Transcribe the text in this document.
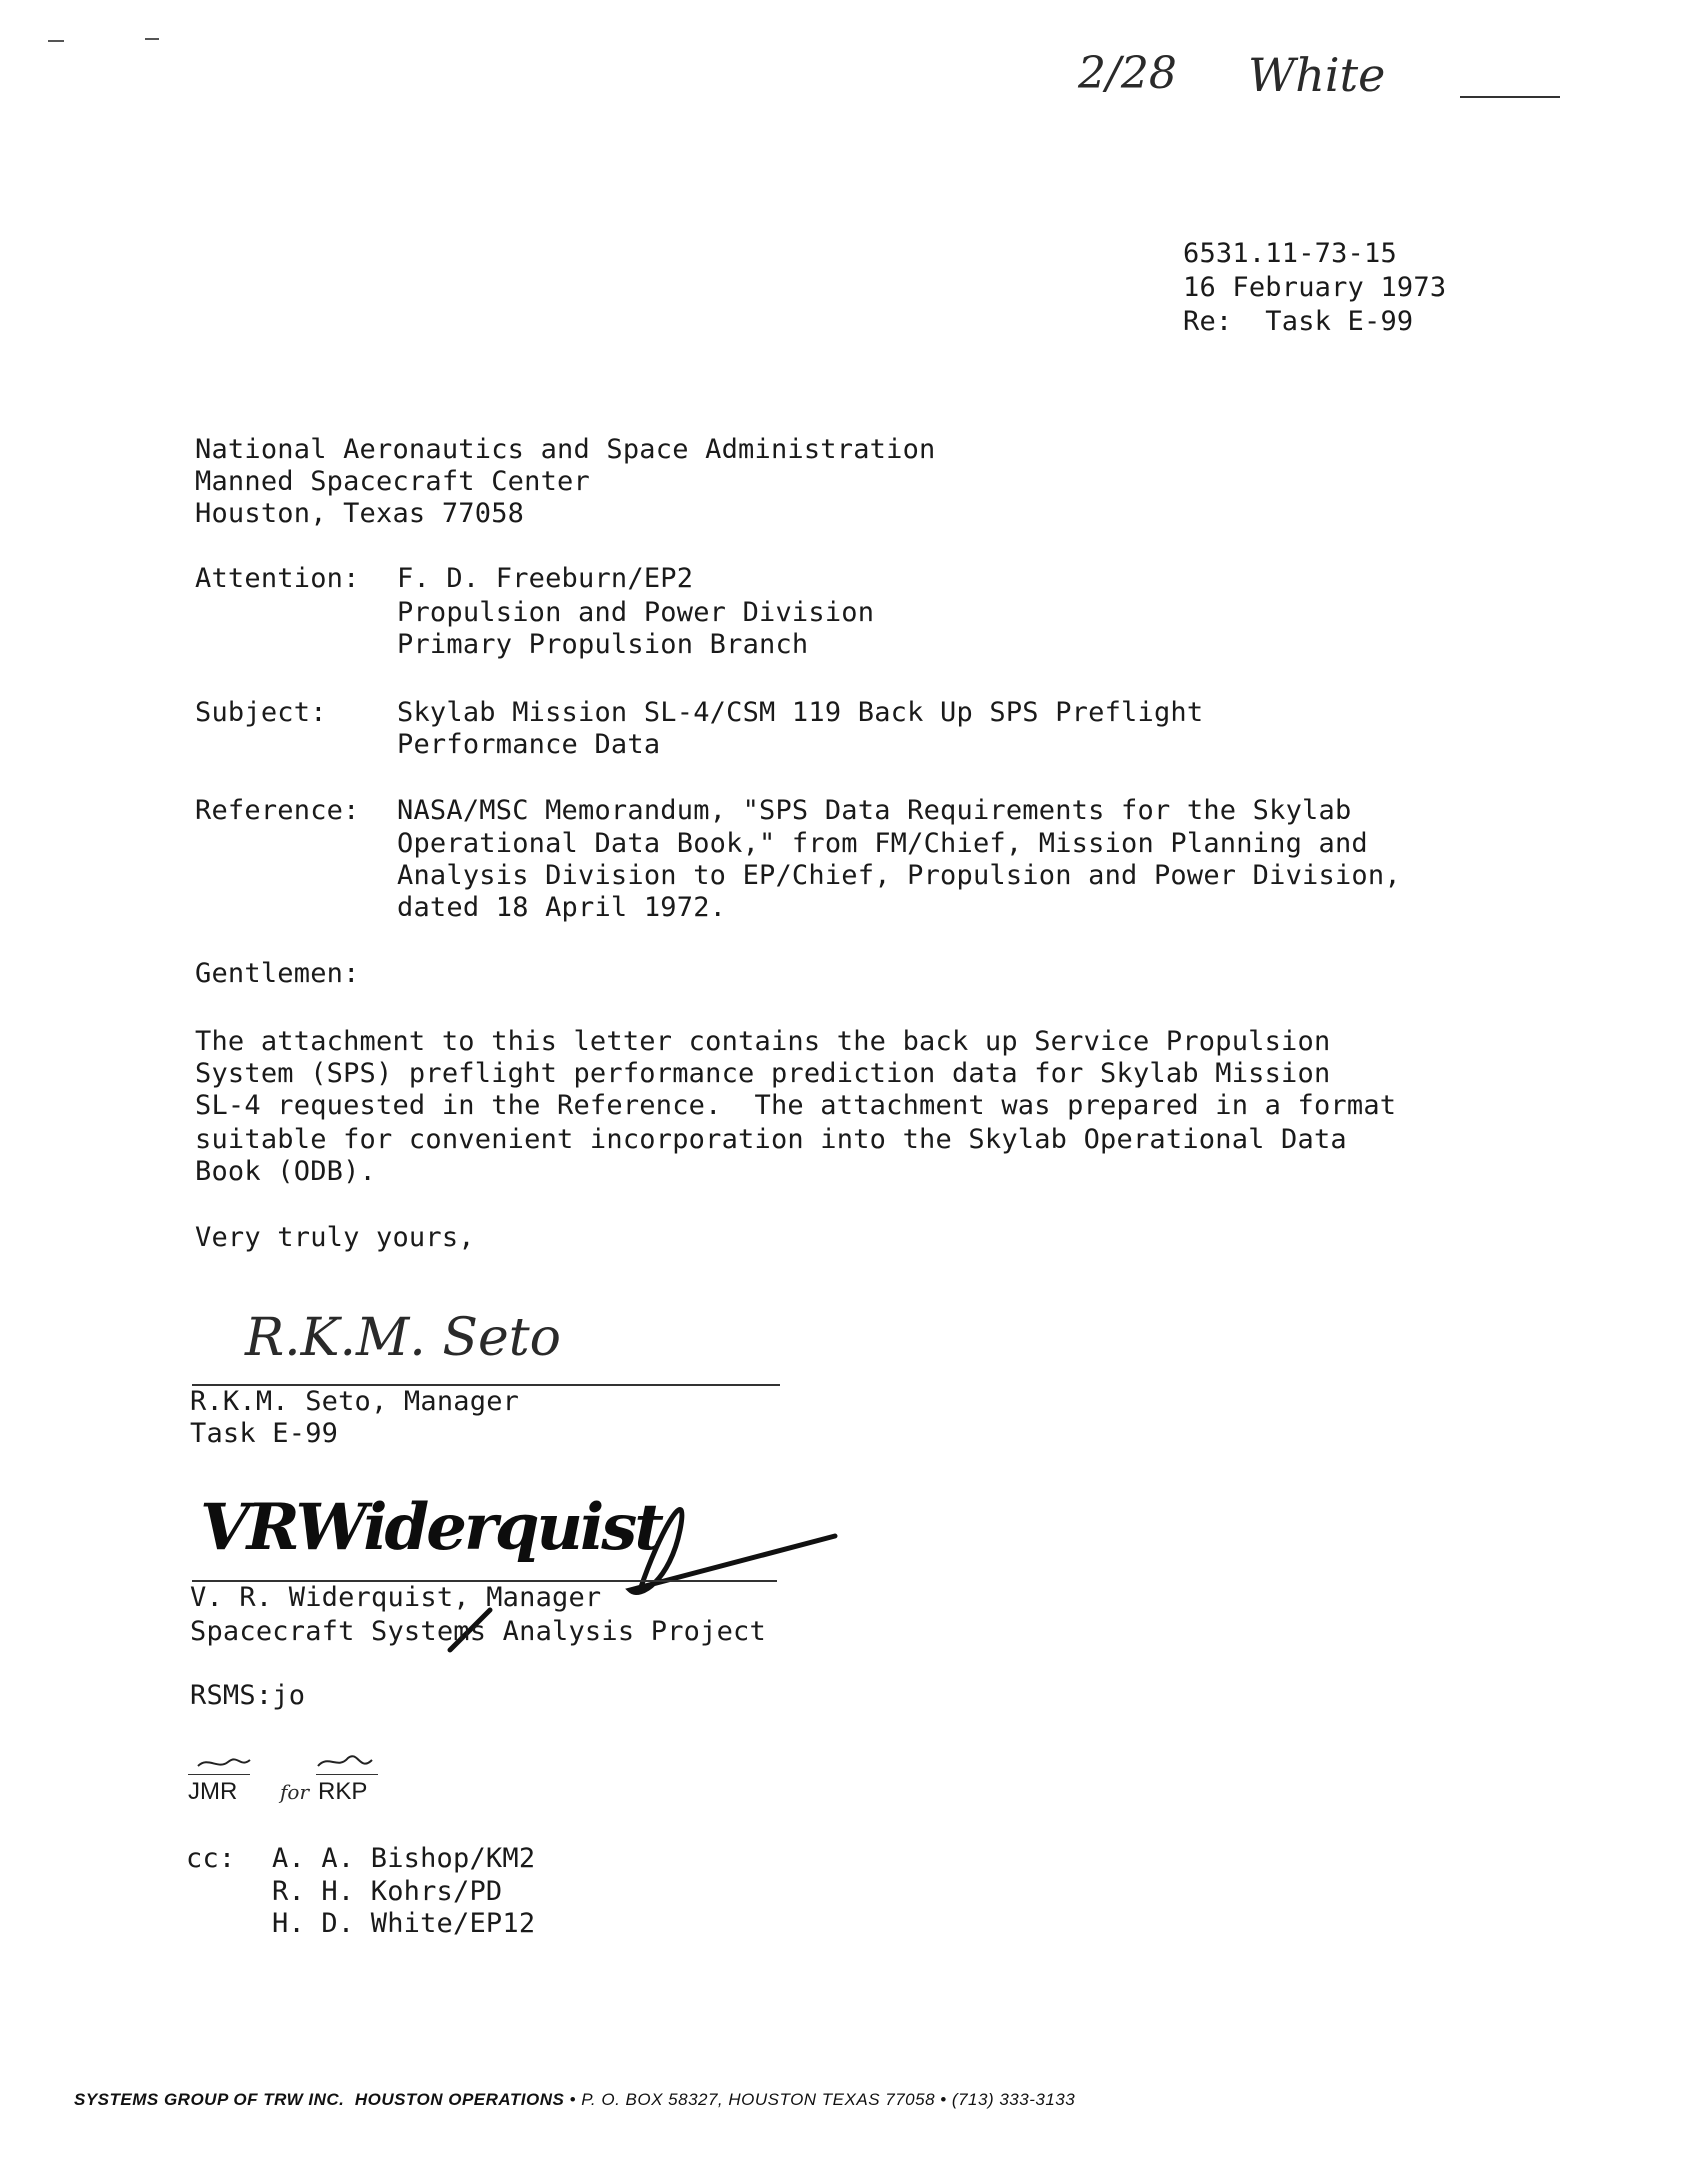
2/28 White
6531.11-73-15
16 February 1973
Re:  Task E-99
National Aeronautics and Space Administration
Manned Spacecraft Center
Houston, Texas 77058
Attention: F. D. Freeburn/EP2
Propulsion and Power Division
Primary Propulsion Branch
Subject:	Skylab Mission SL-4/CSM 119 Back Up SPS Preflight
Performance Data
Reference: NASA/MSC Memorandum, "SPS Data Requirements for the Skylab
Operational Data Book," from FM/Chief, Mission Planning and
Analysis Division to EP/Chief, Propulsion and Power Division,
dated 18 April 1972.
Gentlemen:
The attachment to this letter contains the back up Service Propulsion
System (SPS) preflight performance prediction data for Skylab Mission
SL-4 requested in the Reference.  The attachment was prepared in a format
suitable for convenient incorporation into the Skylab Operational Data
Book (ODB).
Very truly yours,
R.K.M. Seto
R.K.M. Seto, Manager
Task E-99
VRWiderquist
V. R. Widerquist, Manager
Spacecraft Systems Analysis Project
RSMS:jo
JMR for RKP
cc: A. A. Bishop/KM2
R. H. Kohrs/PD
H. D. White/EP12
SYSTEMS GROUP OF TRW INC. HOUSTON OPERATIONS • P. O. BOX 58327, HOUSTON TEXAS 77058 • (713) 333-3133
